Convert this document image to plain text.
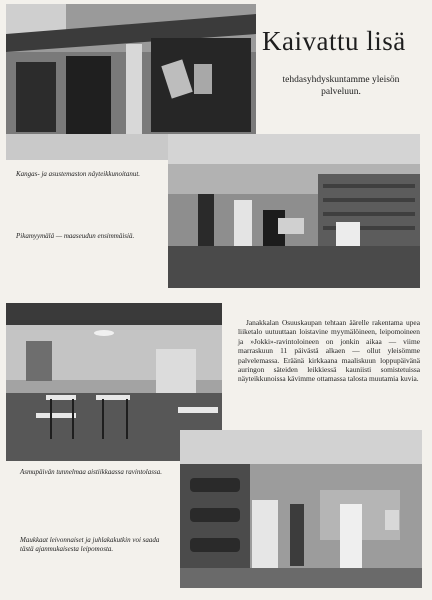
Kaivattu lisä

tehdasyhdyskuntamme yleisön palveluun.

Kangas- ja asustemaston näyteikkunoitanut.

Pikamyymälä — maaseudun ensimmäisiä.

Janakkalan Osuuskaupan tehtaan äärelle rakentama upea liiketalo uutuuttaan loistavine myymälöineen, leipomoineen ja »Jokki»-ravintoloineen on jonkin aikaa — viime marraskuun 11 päivästä alkaen — ollut yleisömme palvelemassa. Eräänä kirkkaana maaliskuun loppupäivänä auringon säteiden leikkiessä kauniisti somistetuissa näyteikkunoissa kävimme ottamassa talosta muutamia kuvia.

Asmupäivän tunnelmaa aistiikkaassa ravintolassa.

Maukkaat leivonnaiset ja juhlakakutkin voi saada tästä ajanmukaisesta leipomosta.
